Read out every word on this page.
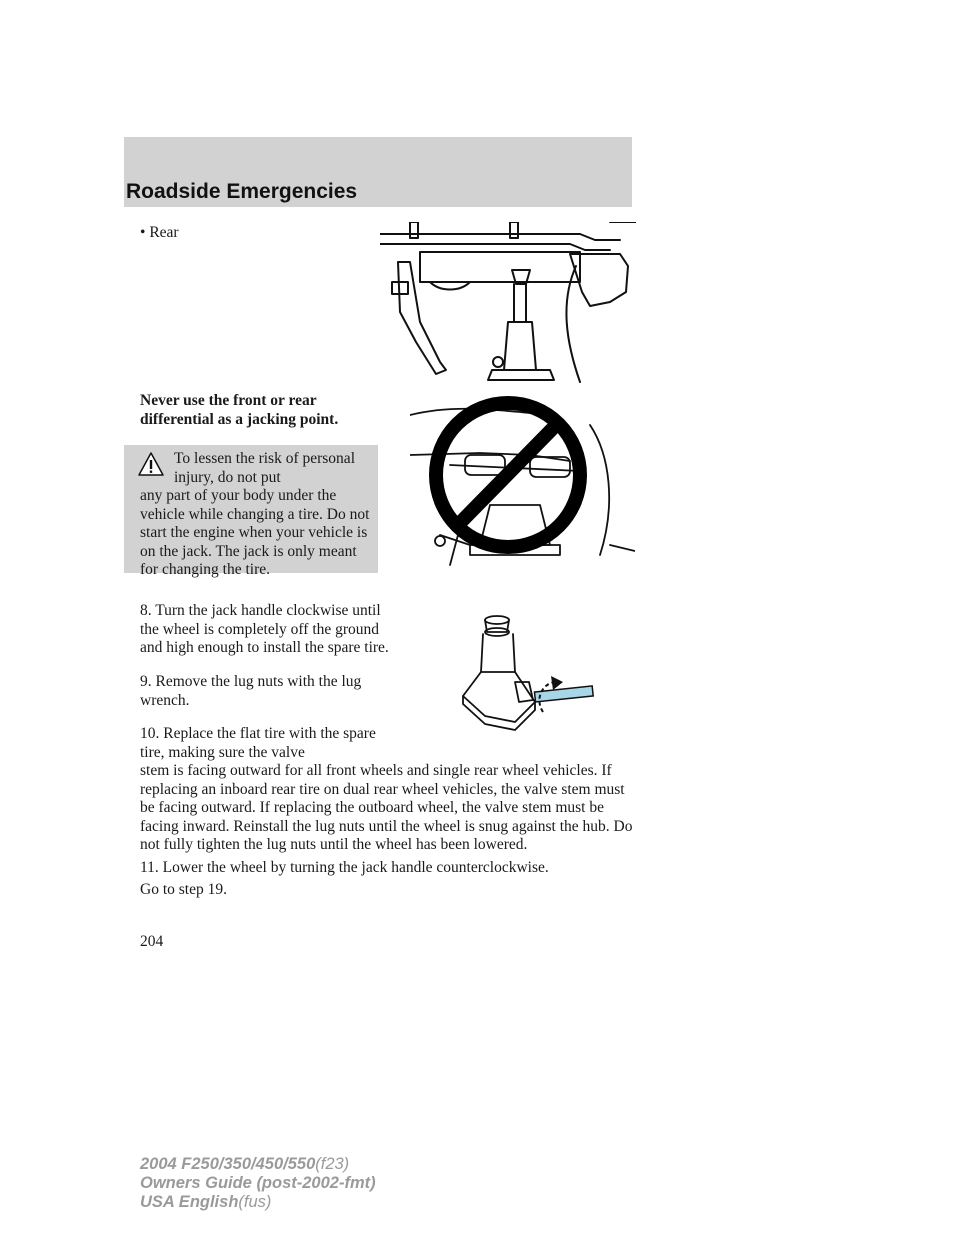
Roadside Emergencies
• Rear
Never use the front or rear differential as a jacking point.
To lessen the risk of personal injury, do not put
any part of your body under the vehicle while changing a tire. Do not start the engine when your vehicle is on the jack. The jack is only meant for changing the tire.
8. Turn the jack handle clockwise until the wheel is completely off the ground and high enough to install the spare tire.
9. Remove the lug nuts with the lug wrench.
10. Replace the flat tire with the spare tire, making sure the valve
stem is facing outward for all front wheels and single rear wheel vehicles. If replacing an inboard rear tire on dual rear wheel vehicles, the valve stem must be facing outward. If replacing the outboard wheel, the valve stem must be facing inward. Reinstall the lug nuts until the wheel is snug against the hub. Do not fully tighten the lug nuts until the wheel has been lowered.
11. Lower the wheel by turning the jack handle counterclockwise.
Go to step 19.
204
2004 F250/350/450/550(f23)
Owners Guide (post-2002-fmt)
USA English(fus)
